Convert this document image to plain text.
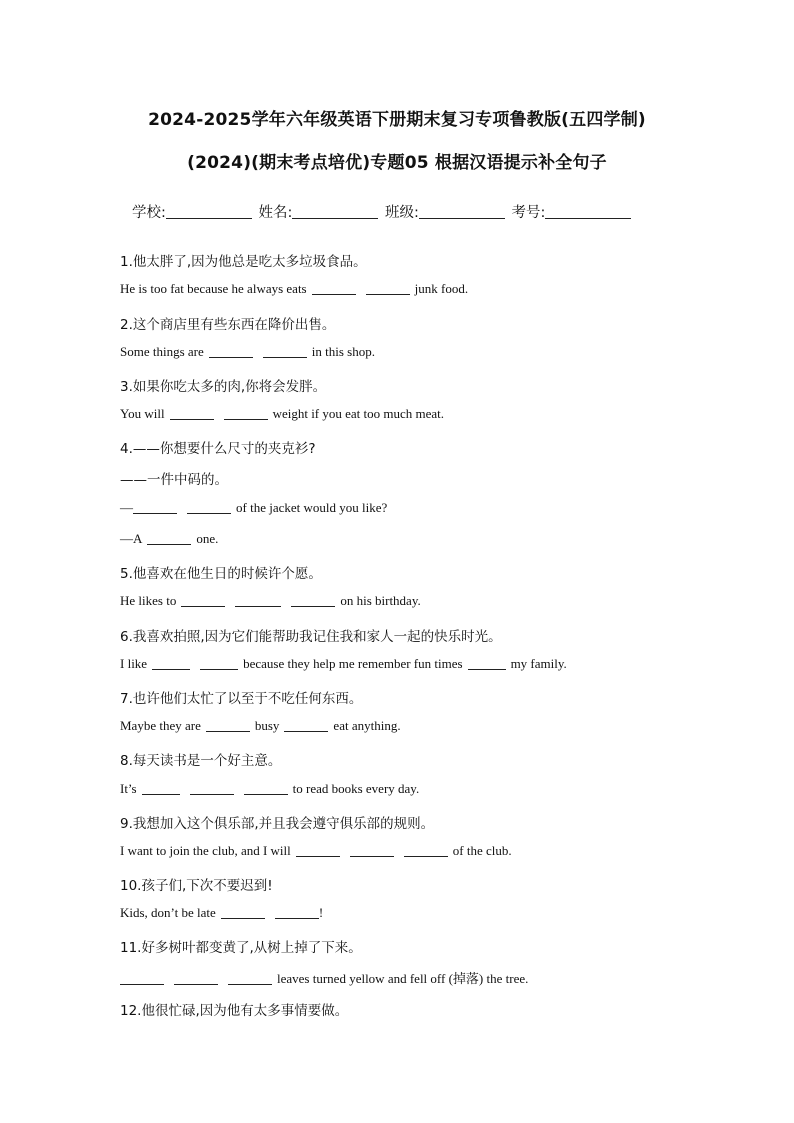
2024-2025学年六年级英语下册期末复习专项鲁教版(五四学制)
(2024)(期末考点培优)专题05 根据汉语提示补全句子
学校:	姓名:	班级:	考号:
1.他太胖了,因为他总是吃太多垃圾食品。
He is too fat because he always eats	junk food.
2.这个商店里有些东西在降价出售。
Some things are	in this shop.
3.如果你吃太多的肉,你将会发胖。
You will	weight if you eat too much meat.
4.——你想要什么尺寸的夹克衫?
——一件中码的。
—	of the jacket would you like?
—A	one.
5.他喜欢在他生日的时候许个愿。
He likes to	on his birthday.
6.我喜欢拍照,因为它们能帮助我记住我和家人一起的快乐时光。
I like	because they help me remember fun times	my family.
7.也许他们太忙了以至于不吃任何东西。
Maybe they are	busy	eat anything.
8.每天读书是一个好主意。
It’s	to read books every day.
9.我想加入这个俱乐部,并且我会遵守俱乐部的规则。
I want to join the club, and I will	of the club.
10.孩子们,下次不要迟到!
Kids, don’t be late	!
11.好多树叶都变黄了,从树上掉了下来。
leaves turned yellow and fell off (掉落) the tree.
12.他很忙碌,因为他有太多事情要做。
